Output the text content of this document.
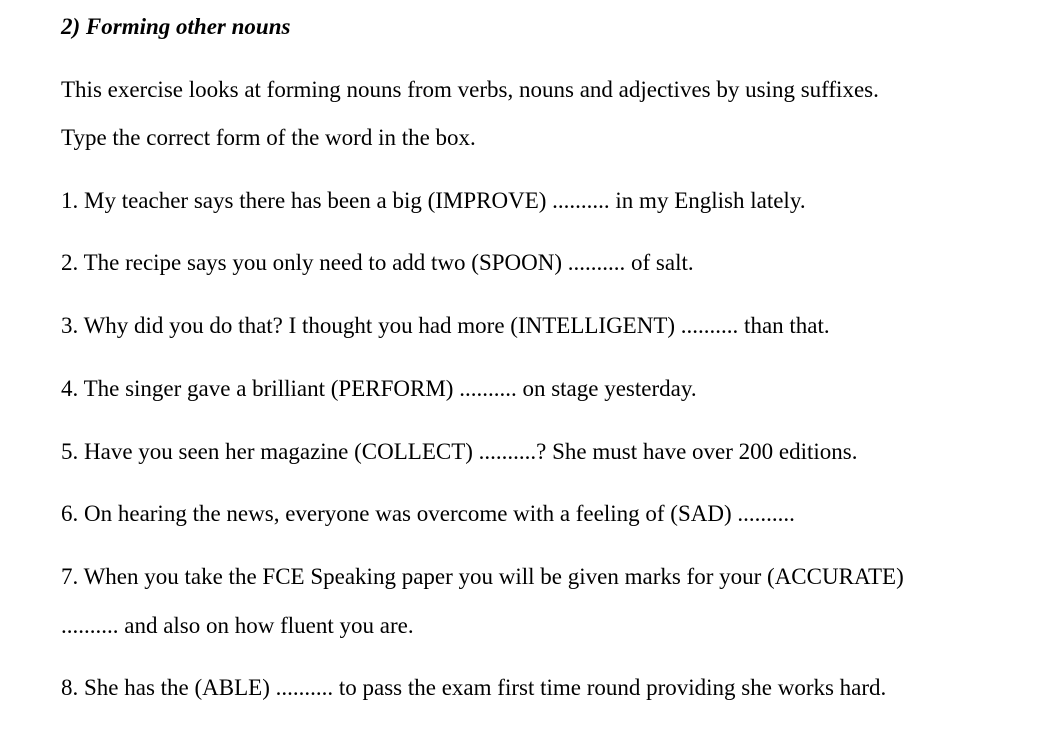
2) Forming other nouns
This exercise looks at forming nouns from verbs, nouns and adjectives by using suffixes.
Type the correct form of the word in the box.
1. My teacher says there has been a big (IMPROVE) .......... in my English lately.
2. The recipe says you only need to add two (SPOON) .......... of salt.
3. Why did you do that? I thought you had more (INTELLIGENT) .......... than that.
4. The singer gave a brilliant (PERFORM) .......... on stage yesterday.
5. Have you seen her magazine (COLLECT) ..........? She must have over 200 editions.
6. On hearing the news, everyone was overcome with a feeling of (SAD) ..........
7. When you take the FCE Speaking paper you will be given marks for your (ACCURATE)
.......... and also on how fluent you are.
8. She has the (ABLE) .......... to pass the exam first time round providing she works hard.
